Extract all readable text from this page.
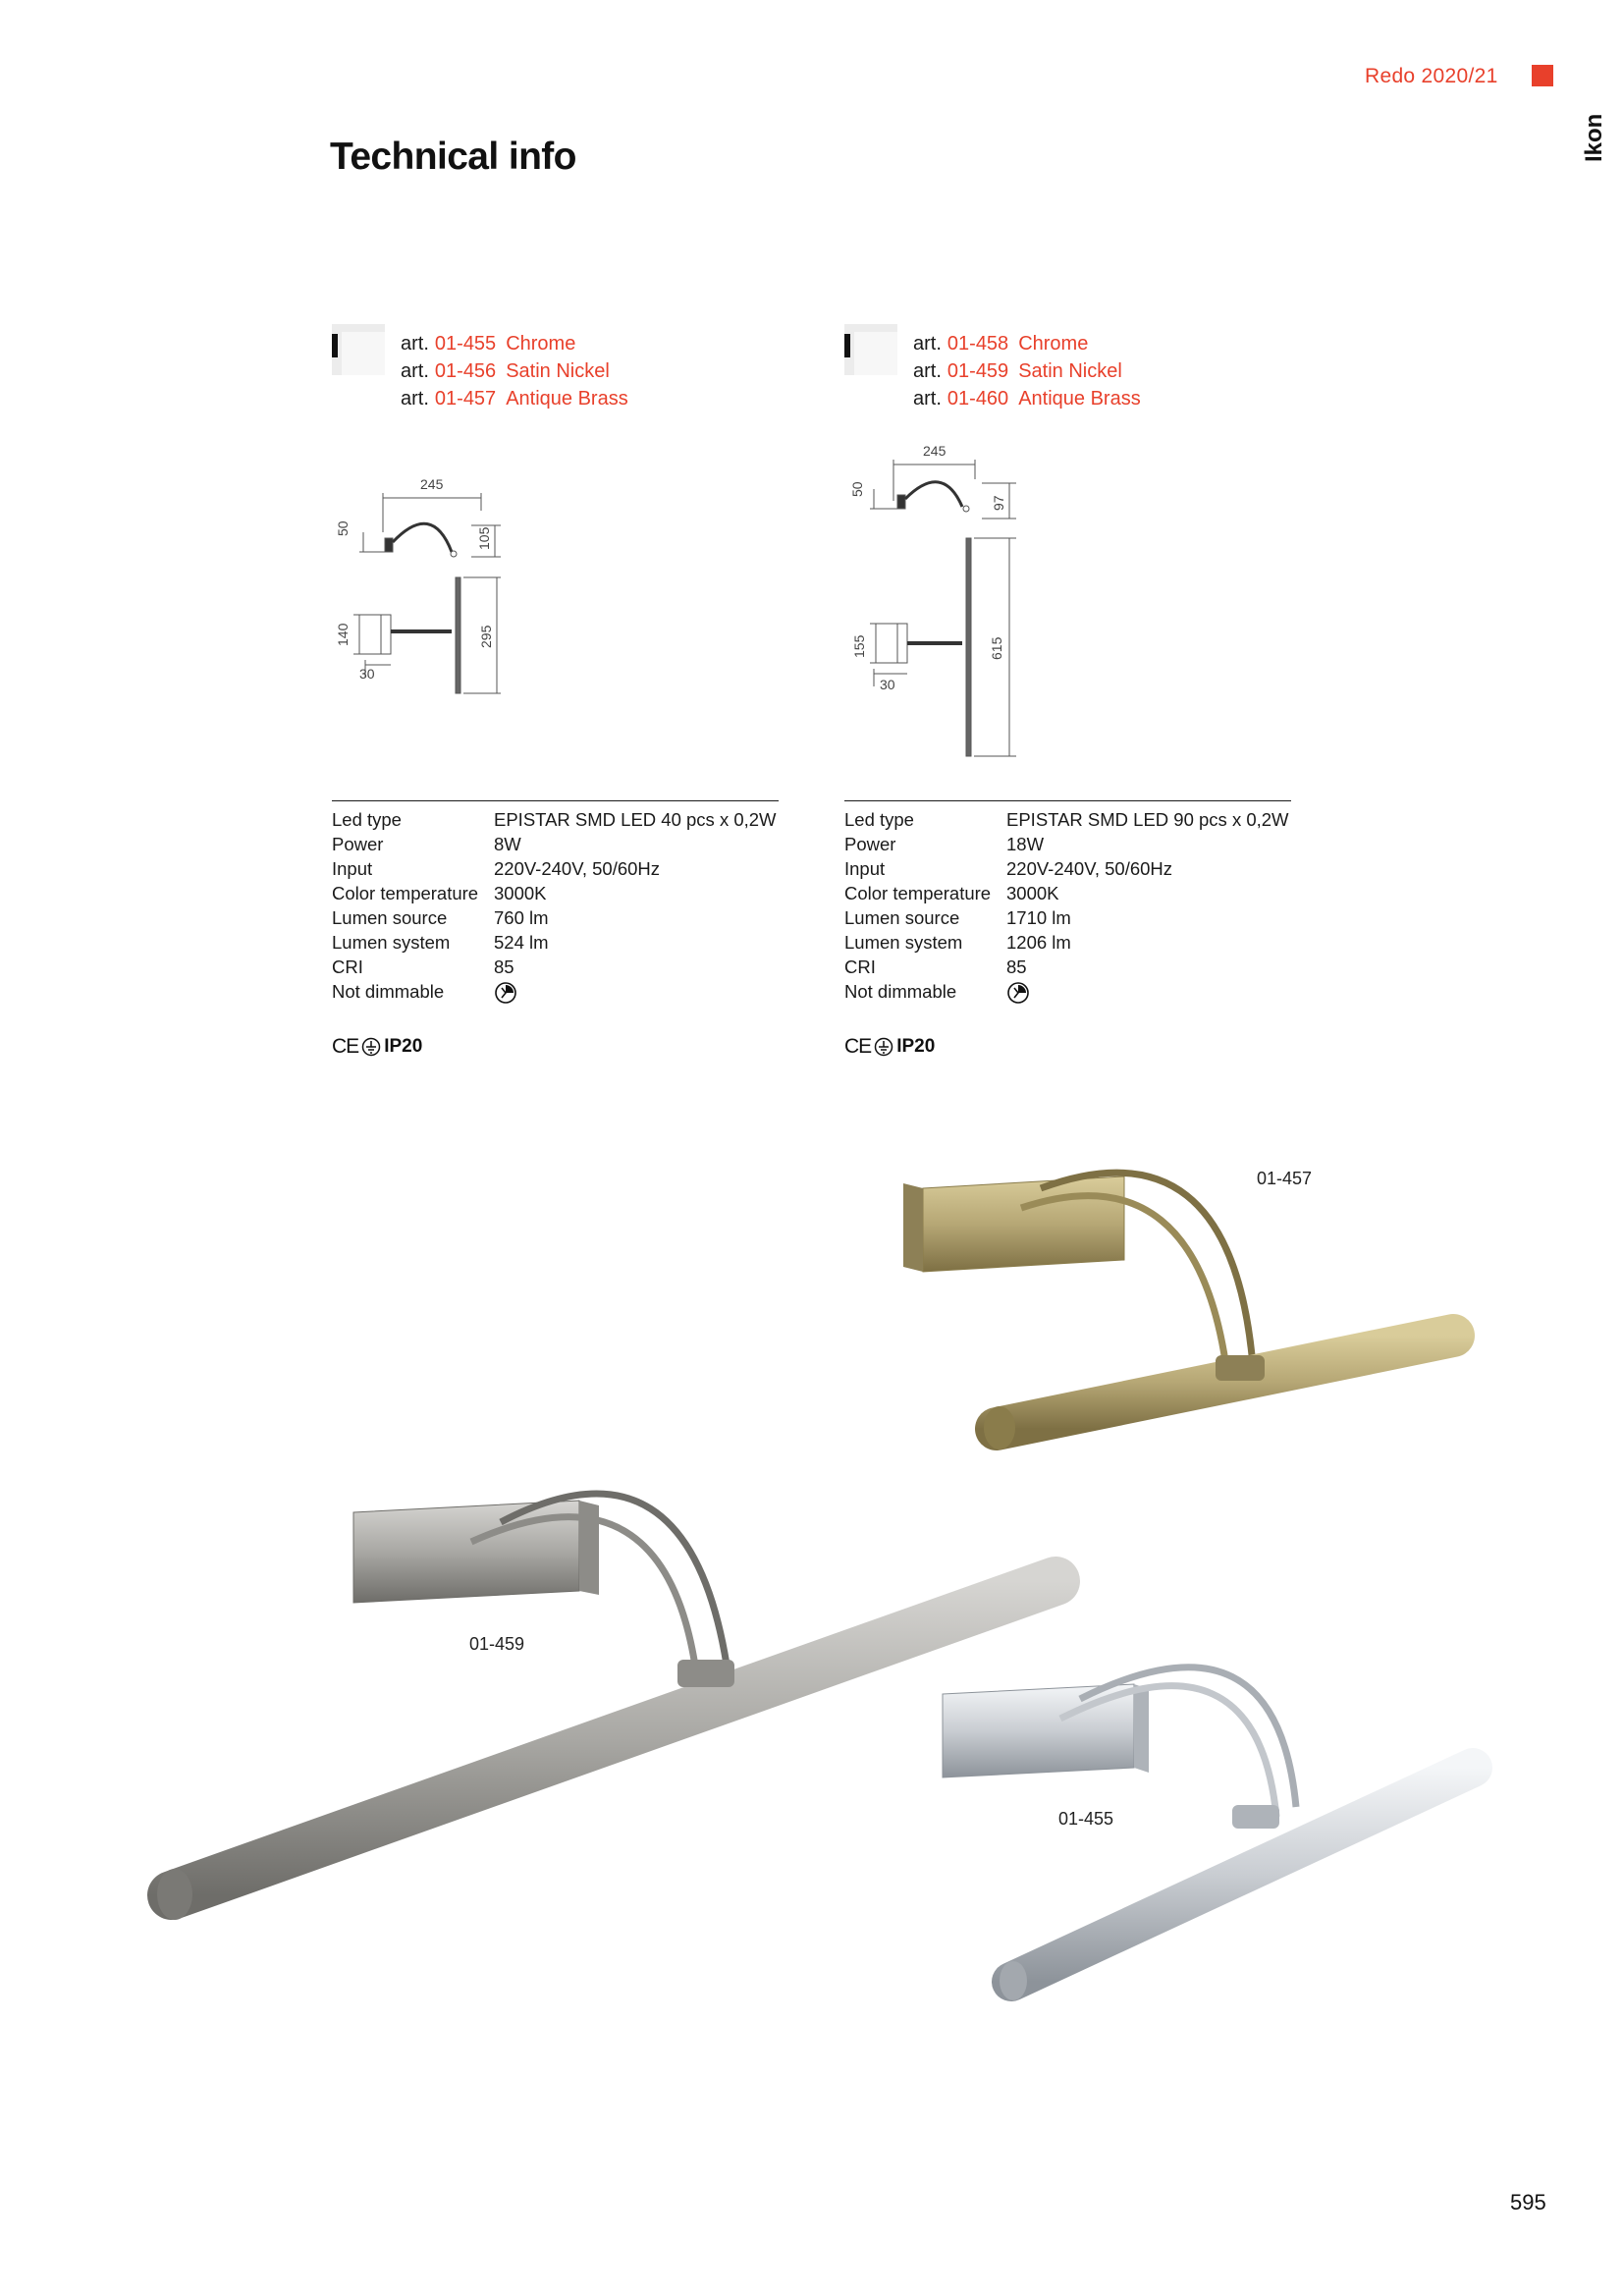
Redo 2020/21
Ikon
Technical info
art. 01-455 Chrome
art. 01-456 Satin Nickel
art. 01-457 Antique Brass
245
50	105
140	295
30
Led type	EPISTAR SMD LED 40 pcs x 0,2W
Power	8W
Input	220V-240V, 50/60Hz
Color temperature 3000K
Lumen source	760 lm
Lumen system	524 lm
CRI	85
Not dimmable
CE IP20
art. 01-458 Chrome
art. 01-459 Satin Nickel
art. 01-460 Antique Brass
245
50
97
155	615
30
Led type	EPISTAR SMD LED 90 pcs x 0,2W
Power	18W
Input	220V-240V, 50/60Hz
Color temperature 3000K
Lumen source	1710 lm
Lumen system	1206 lm
CRI	85
Not dimmable
CE IP20
01-457
01-459
01-455
595
